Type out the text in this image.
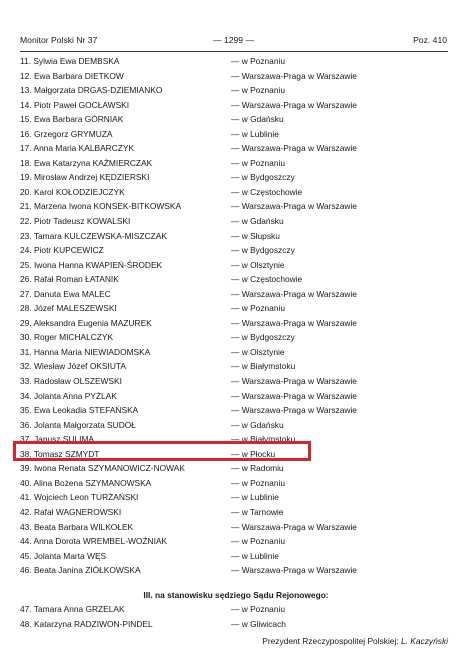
Monitor Polski Nr 37	— 1299 —	Poz. 410
11. Sylwia Ewa DEMBSKA	— w Poznaniu
12. Ewa Barbara DIETKOW	— Warszawa-Praga w Warszawie
13. Małgorzata DRGAS-DZIEMIANKO	— w Poznaniu
14. Piotr Paweł GOCŁAWSKI	— Warszawa-Praga w Warszawie
15. Ewa Barbara GÓRNIAK	— w Gdańsku
16. Grzegorz GRYMUZA	— w Lublinie
17. Anna Maria KALBARCZYK	— Warszawa-Praga w Warszawie
18. Ewa Katarzyna KAŹMIERCZAK	— w Poznaniu
19. Mirosław Andrzej KĘDZIERSKI	— w Bydgoszczy
20. Karol KOŁODZIEJCZYK	— w Częstochowie
21. Marzena Iwona KONSEK-BITKOWSKA	— Warszawa-Praga w Warszawie
22. Piotr Tadeusz KOWALSKI	— w Gdańsku
23. Tamara KULCZEWSKA-MISZCZAK	— w Słupsku
24. Piotr KUPCEWICZ	— w Bydgoszczy
25. Iwona Hanna KWAPIEŃ-ŚRODEK	— w Olsztynie
26. Rafał Roman ŁATANIK	— w Częstochowie
27. Danuta Ewa MALEC	— Warszawa-Praga w Warszawie
28. Józef MALESZEWSKI	— w Poznaniu
29. Aleksandra Eugenia MAZUREK	— Warszawa-Praga w Warszawie
30. Roger MICHALCZYK	— w Bydgoszczy
31. Hanna Maria NIEWIADOMSKA	— w Olsztynie
32. Wiesław Józef OKSIUTA	— w Białymstoku
33. Radosław OLSZEWSKI	— Warszawa-Praga w Warszawie
34. Jolanta Anna PYŻLAK	— Warszawa-Praga w Warszawie
35. Ewa Leokadia STEFAŃSKA	— Warszawa-Praga w Warszawie
36. Jolanta Małgorzata SUDOŁ	— w Gdańsku
37. Janusz SULIMA	— w Białymstoku
38. Tomasz SZMYDT	— w Płocku
39. Iwona Renata SZYMANOWICZ-NOWAK	— w Radomiu
40. Alina Bożena SZYMANOWSKA	— w Poznaniu
41. Wojciech Leon TURŻAŃSKI	— w Lublinie
42. Rafał WAGNEROWSKI	— w Tarnowie
43. Beata Barbara WILKOŁEK	— Warszawa-Praga w Warszawie
44. Anna Dorota WREMBEL-WOŹNIAK	— w Poznaniu
45. Jolanta Marta WĘS	— w Lublinie
46. Beata Janina ZIÓŁKOWSKA	— Warszawa-Praga w Warszawie
III. na stanowisku sędziego Sądu Rejonowego:
47. Tamara Anna GRZELAK	— w Poznaniu
48. Katarzyna RADZIWON-PINDEL	— w Gliwicach
Prezydent Rzeczypospolitej Polskiej: L. Kaczyński
